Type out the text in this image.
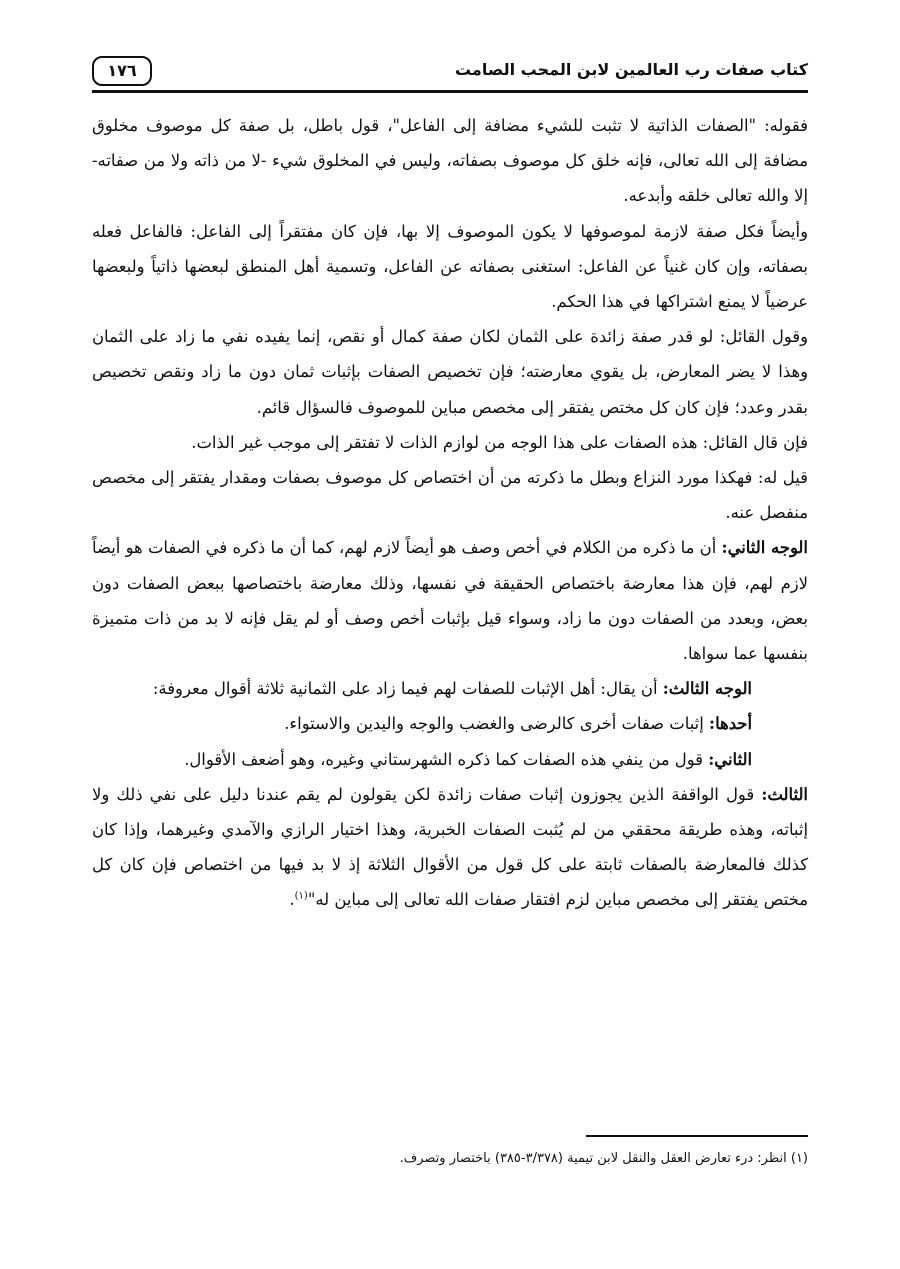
كتاب صفات رب العالمين لابن المحب الصامت
١٧٦

فقوله: "الصفات الذاتية لا تثبت للشيء مضافة إلى الفاعل"، قول باطل، بل صفة كل موصوف مخلوق مضافة إلى الله تعالى، فإنه خلق كل موصوف بصفاته، وليس في المخلوق شيء -لا من ذاته ولا من صفاته- إلا والله تعالى خلقه وأبدعه.

وأيضاً فكل صفة لازمة لموصوفها لا يكون الموصوف إلا بها، فإن كان مفتقراً إلى الفاعل: فالفاعل فعله بصفاته، وإن كان غنياً عن الفاعل: استغنى بصفاته عن الفاعل، وتسمية أهل المنطق لبعضها ذاتياً ولبعضها عرضياً لا يمنع اشتراكها في هذا الحكم.

وقول القائل: لو قدر صفة زائدة على الثمان لكان صفة كمال أو نقص، إنما يفيده نفي ما زاد على الثمان وهذا لا يضر المعارض، بل يقوي معارضته؛ فإن تخصيص الصفات بإثبات ثمان دون ما زاد ونقص تخصيص بقدر وعدد؛ فإن كان كل مختص يفتقر إلى مخصص مباين للموصوف فالسؤال قائم.

فإن قال القائل: هذه الصفات على هذا الوجه من لوازم الذات لا تفتقر إلى موجب غير الذات.

قيل له: فهكذا مورد النزاع وبطل ما ذكرته من أن اختصاص كل موصوف بصفات ومقدار يفتقر إلى مخصص منفصل عنه.

الوجه الثاني: أن ما ذكره من الكلام في أخص وصف هو أيضاً لازم لهم، كما أن ما ذكره في الصفات هو أيضاً لازم لهم، فإن هذا معارضة باختصاص الحقيقة في نفسها، وذلك معارضة باختصاصها ببعض الصفات دون بعض، وبعدد من الصفات دون ما زاد، وسواء قيل بإثبات أخص وصف أو لم يقل فإنه لا بد من ذات متميزة بنفسها عما سواها.

الوجه الثالث: أن يقال: أهل الإثبات للصفات لهم فيما زاد على الثمانية ثلاثة أقوال معروفة:

أحدها: إثبات صفات أخرى كالرضى والغضب والوجه واليدين والاستواء.

الثاني: قول من ينفي هذه الصفات كما ذكره الشهرستاني وغيره، وهو أضعف الأقوال.

الثالث: قول الواقفة الذين يجوزون إثبات صفات زائدة لكن يقولون لم يقم عندنا دليل على نفي ذلك ولا إثباته، وهذه طريقة محققي من لم يُثبت الصفات الخبرية، وهذا اختيار الرازي والآمدي وغيرهما، وإذا كان كذلك فالمعارضة بالصفات ثابتة على كل قول من الأقوال الثلاثة إذ لا بد فيها من اختصاص فإن كان كل مختص يفتقر إلى مخصص مباين لزم افتقار صفات الله تعالى إلى مباين له"$^{(١)}$.

(١) انظر: درء تعارض العقل والنقل لابن تيمية (٣/٣٧٨-٣٨٥) باختصار وتصرف.
